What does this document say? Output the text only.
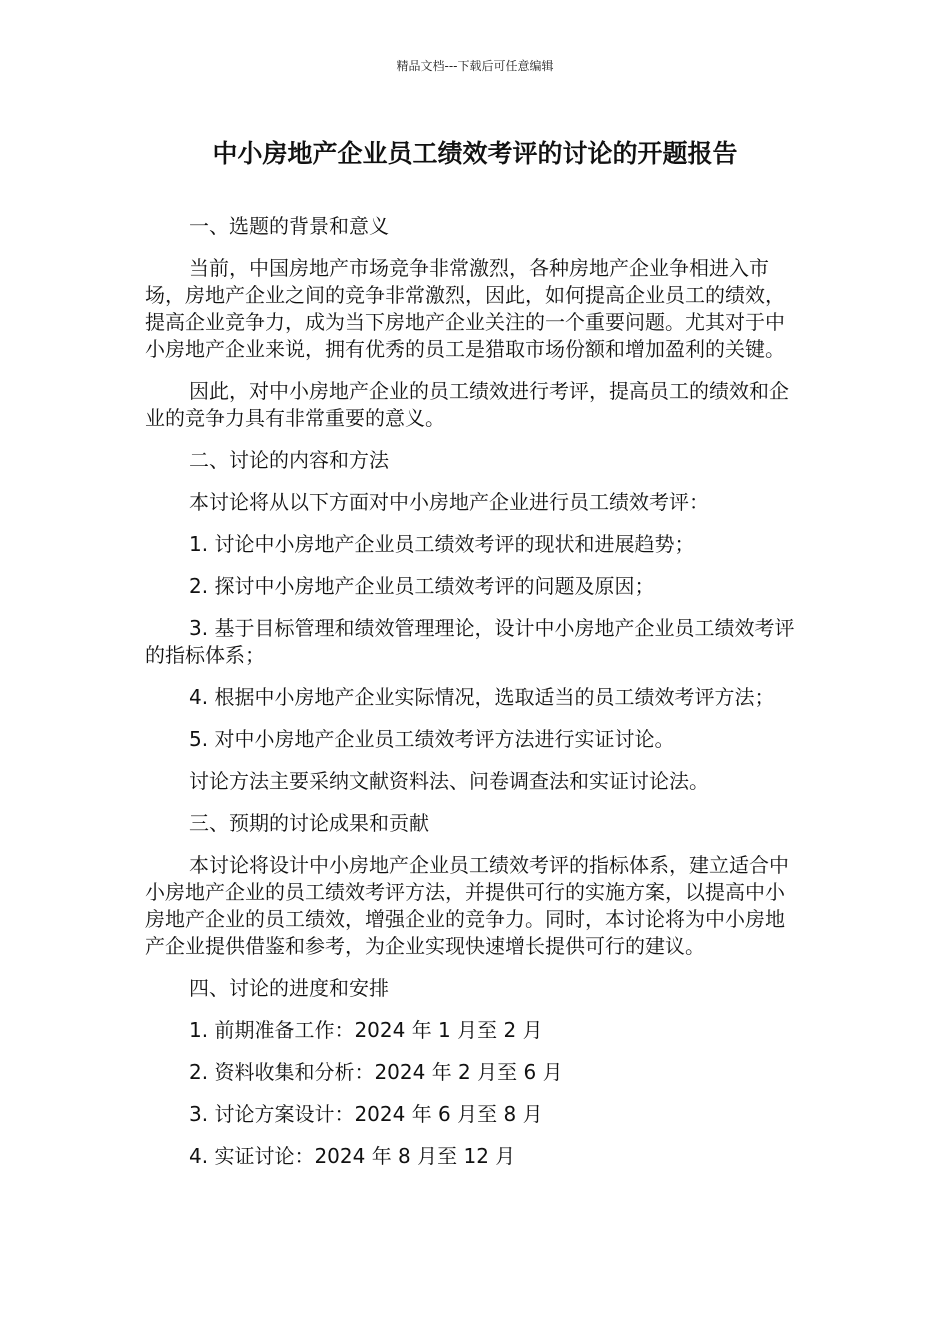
精品文档---下载后可任意编辑
中小房地产企业员工绩效考评的讨论的开题报告

一、选题的背景和意义

当前，中国房地产市场竞争非常激烈，各种房地产企业争相进入市场，房地产企业之间的竞争非常激烈，因此，如何提高企业员工的绩效，提高企业竞争力，成为当下房地产企业关注的一个重要问题。尤其对于中小房地产企业来说，拥有优秀的员工是猎取市场份额和增加盈利的关键。

因此，对中小房地产企业的员工绩效进行考评，提高员工的绩效和企业的竞争力具有非常重要的意义。

二、讨论的内容和方法

本讨论将从以下方面对中小房地产企业进行员工绩效考评：

1. 讨论中小房地产企业员工绩效考评的现状和进展趋势；

2. 探讨中小房地产企业员工绩效考评的问题及原因；

3. 基于目标管理和绩效管理理论，设计中小房地产企业员工绩效考评的指标体系；

4. 根据中小房地产企业实际情况，选取适当的员工绩效考评方法；

5. 对中小房地产企业员工绩效考评方法进行实证讨论。

讨论方法主要采纳文献资料法、问卷调查法和实证讨论法。

三、预期的讨论成果和贡献

本讨论将设计中小房地产企业员工绩效考评的指标体系，建立适合中小房地产企业的员工绩效考评方法，并提供可行的实施方案，以提高中小房地产企业的员工绩效，增强企业的竞争力。同时，本讨论将为中小房地产企业提供借鉴和参考，为企业实现快速增长提供可行的建议。

四、讨论的进度和安排

1. 前期准备工作：2024 年 1 月至 2 月

2. 资料收集和分析：2024 年 2 月至 6 月

3. 讨论方案设计：2024 年 6 月至 8 月

4. 实证讨论：2024 年 8 月至 12 月
